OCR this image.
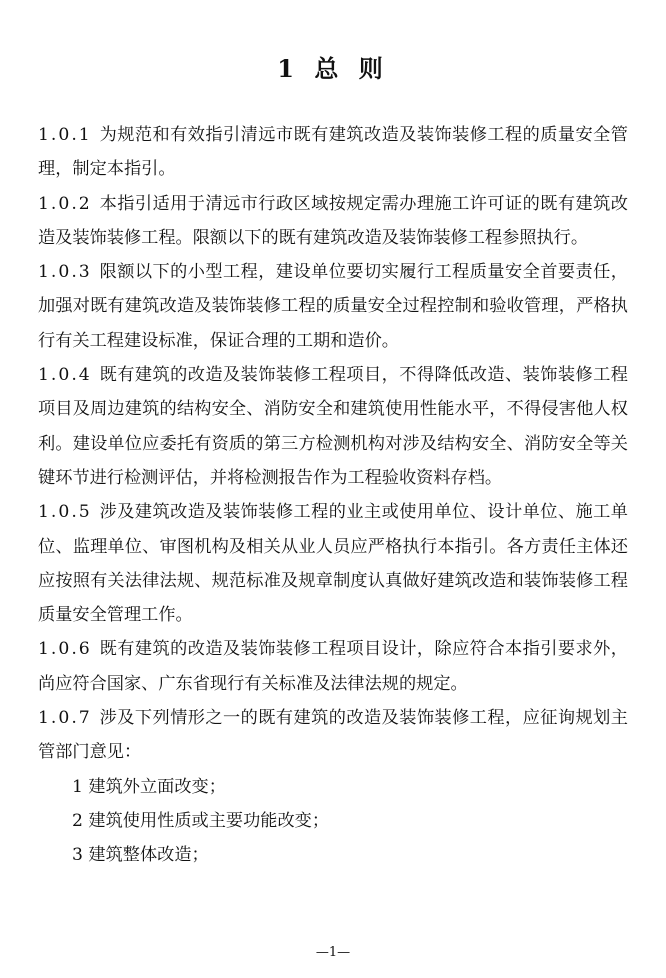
1 总 则

1.0.1 为规范和有效指引清远市既有建筑改造及装饰装修工程的质量安全管理，制定本指引。

1.0.2 本指引适用于清远市行政区域按规定需办理施工许可证的既有建筑改造及装饰装修工程。限额以下的既有建筑改造及装饰装修工程参照执行。

1.0.3 限额以下的小型工程，建设单位要切实履行工程质量安全首要责任，加强对既有建筑改造及装饰装修工程的质量安全过程控制和验收管理，严格执行有关工程建设标准，保证合理的工期和造价。

1.0.4 既有建筑的改造及装饰装修工程项目，不得降低改造、装饰装修工程项目及周边建筑的结构安全、消防安全和建筑使用性能水平，不得侵害他人权利。建设单位应委托有资质的第三方检测机构对涉及结构安全、消防安全等关键环节进行检测评估，并将检测报告作为工程验收资料存档。

1.0.5 涉及建筑改造及装饰装修工程的业主或使用单位、设计单位、施工单位、监理单位、审图机构及相关从业人员应严格执行本指引。各方责任主体还应按照有关法律法规、规范标准及规章制度认真做好建筑改造和装饰装修工程质量安全管理工作。

1.0.6 既有建筑的改造及装饰装修工程项目设计，除应符合本指引要求外，尚应符合国家、广东省现行有关标准及法律法规的规定。

1.0.7 涉及下列情形之一的既有建筑的改造及装饰装修工程，应征询规划主管部门意见：

1 建筑外立面改变；

2 建筑使用性质或主要功能改变；

3 建筑整体改造；

—1—
